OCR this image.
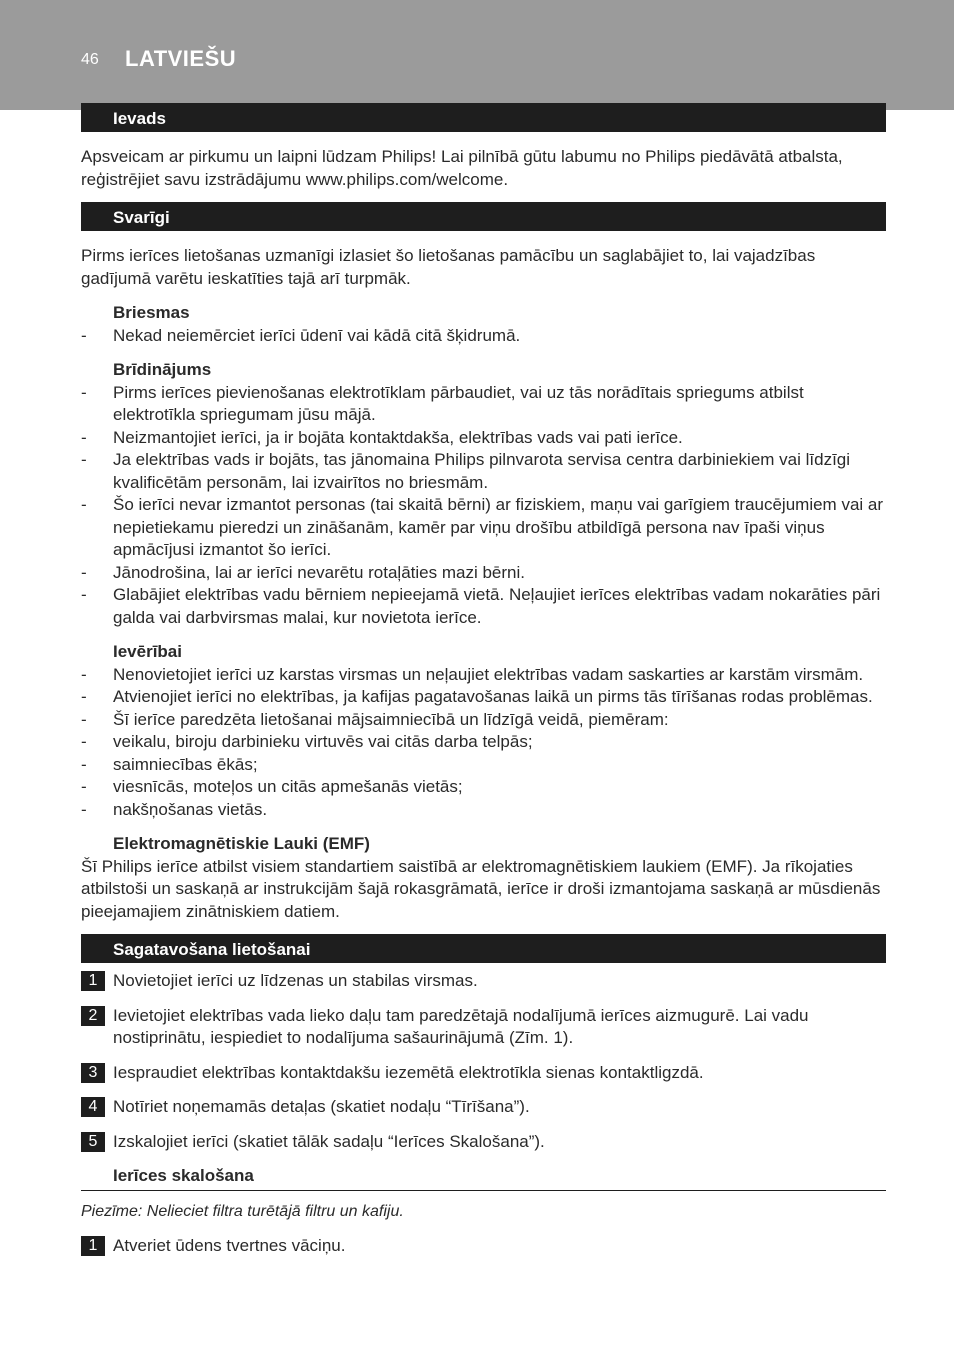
46 LATVIEŠU
Ievads

Apsveicam ar pirkumu un laipni lūdzam Philips! Lai pilnībā gūtu labumu no Philips piedāvātā atbalsta, reģistrējiet savu izstrādājumu www.philips.com/welcome.

Svarīgi

Pirms ierīces lietošanas uzmanīgi izlasiet šo lietošanas pamācību un saglabājiet to, lai vajadzības gadījumā varētu ieskatīties tajā arī turpmāk.

Briesmas
- Nekad neiemērciet ierīci ūdenī vai kādā citā šķidrumā.
Brīdinājums
- Pirms ierīces pievienošanas elektrotīklam pārbaudiet, vai uz tās norādītais spriegums atbilst elektrotīkla spriegumam jūsu mājā.
- Neizmantojiet ierīci, ja ir bojāta kontaktdakša, elektrības vads vai pati ierīce.
- Ja elektrības vads ir bojāts, tas jānomaina Philips pilnvarota servisa centra darbiniekiem vai līdzīgi kvalificētām personām, lai izvairītos no briesmām.
- Šo ierīci nevar izmantot personas (tai skaitā bērni) ar fiziskiem, maņu vai garīgiem traucējumiem vai ar nepietiekamu pieredzi un zināšanām, kamēr par viņu drošību atbildīgā persona nav īpaši viņus apmācījusi izmantot šo ierīci.
- Jānodrošina, lai ar ierīci nevarētu rotaļāties mazi bērni.
- Glabājiet elektrības vadu bērniem nepieejamā vietā. Neļaujiet ierīces elektrības vadam nokarāties pāri galda vai darbvirsmas malai, kur novietota ierīce.
Ievērībai
- Nenovietojiet ierīci uz karstas virsmas un neļaujiet elektrības vadam saskarties ar karstām virsmām.
- Atvienojiet ierīci no elektrības, ja kafijas pagatavošanas laikā un pirms tās tīrīšanas rodas problēmas.
- Šī ierīce paredzēta lietošanai mājsaimniecībā un līdzīgā veidā, piemēram:
- veikalu, biroju darbinieku virtuvēs vai citās darba telpās;
- saimniecības ēkās;
- viesnīcās, moteļos un citās apmešanās vietās;
- nakšņošanas vietās.
Elektromagnētiskie Lauki (EMF)

Šī Philips ierīce atbilst visiem standartiem saistībā ar elektromagnētiskiem laukiem (EMF). Ja rīkojaties atbilstoši un saskaņā ar instrukcijām šajā rokasgrāmatā, ierīce ir droši izmantojama saskaņā ar mūsdienās pieejamajiem zinātniskiem datiem.

Sagatavošana lietošanai
1 Novietojiet ierīci uz līdzenas un stabilas virsmas.
2 Ievietojiet elektrības vada lieko daļu tam paredzētajā nodalījumā ierīces aizmugurē. Lai vadu nostiprinātu, iespiediet to nodalījuma sašaurinājumā (Zīm. 1).
3 Iespraudiet elektrības kontaktdakšu iezemētā elektrotīkla sienas kontaktligzdā.
4 Notīriet noņemamās detaļas (skatiet nodaļu “Tīrīšana”).
5 Izskalojiet ierīci (skatiet tālāk sadaļu “Ierīces Skalošana”).
Ierīces skalošana

Piezīme: Nelieciet filtra turētājā filtru un kafiju.

1 Atveriet ūdens tvertnes vāciņu.
